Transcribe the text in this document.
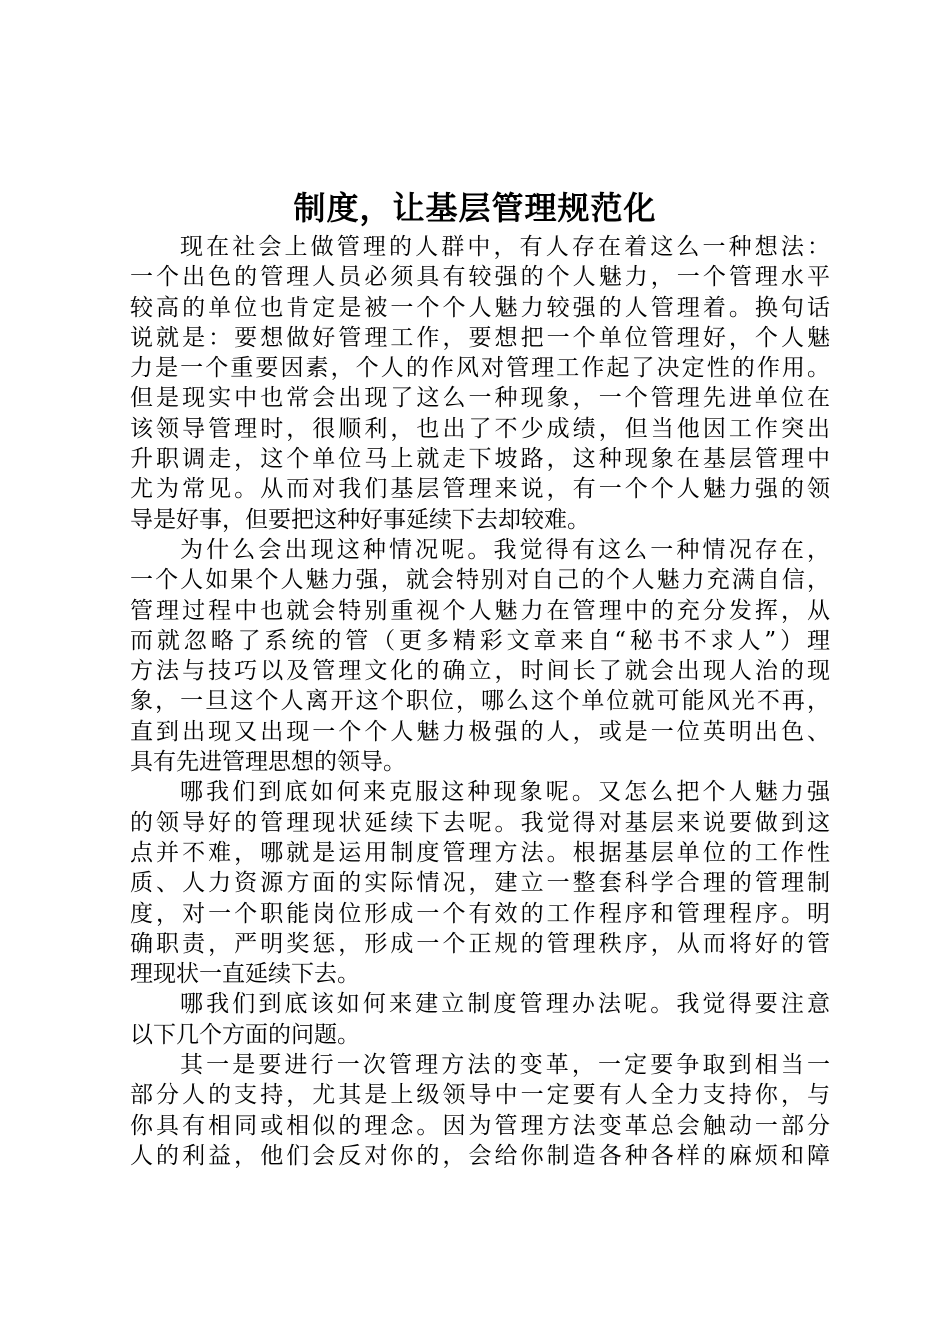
制度，让基层管理规范化
现在社会上做管理的人群中，有人存在着这么一种想法：
一个出色的管理人员必须具有较强的个人魅力，一个管理水平
较高的单位也肯定是被一个个人魅力较强的人管理着。换句话
说就是：要想做好管理工作，要想把一个单位管理好，个人魅
力是一个重要因素，个人的作风对管理工作起了决定性的作用。
但是现实中也常会出现了这么一种现象，一个管理先进单位在
该领导管理时，很顺利，也出了不少成绩，但当他因工作突出
升职调走，这个单位马上就走下坡路，这种现象在基层管理中
尤为常见。从而对我们基层管理来说，有一个个人魅力强的领
导是好事，但要把这种好事延续下去却较难。
为什么会出现这种情况呢。我觉得有这么一种情况存在，
一个人如果个人魅力强，就会特别对自己的个人魅力充满自信，
管理过程中也就会特别重视个人魅力在管理中的充分发挥，从
而就忽略了系统的管（更多精彩文章来自“秘书不求人”）理
方法与技巧以及管理文化的确立，时间长了就会出现人治的现
象，一旦这个人离开这个职位，哪么这个单位就可能风光不再，
直到出现又出现一个个人魅力极强的人，或是一位英明出色、
具有先进管理思想的领导。
哪我们到底如何来克服这种现象呢。又怎么把个人魅力强
的领导好的管理现状延续下去呢。我觉得对基层来说要做到这
点并不难，哪就是运用制度管理方法。根据基层单位的工作性
质、人力资源方面的实际情况，建立一整套科学合理的管理制
度，对一个职能岗位形成一个有效的工作程序和管理程序。明
确职责，严明奖惩，形成一个正规的管理秩序，从而将好的管
理现状一直延续下去。
哪我们到底该如何来建立制度管理办法呢。我觉得要注意
以下几个方面的问题。
其一是要进行一次管理方法的变革，一定要争取到相当一
部分人的支持，尤其是上级领导中一定要有人全力支持你，与
你具有相同或相似的理念。因为管理方法变革总会触动一部分
人的利益，他们会反对你的，会给你制造各种各样的麻烦和障
